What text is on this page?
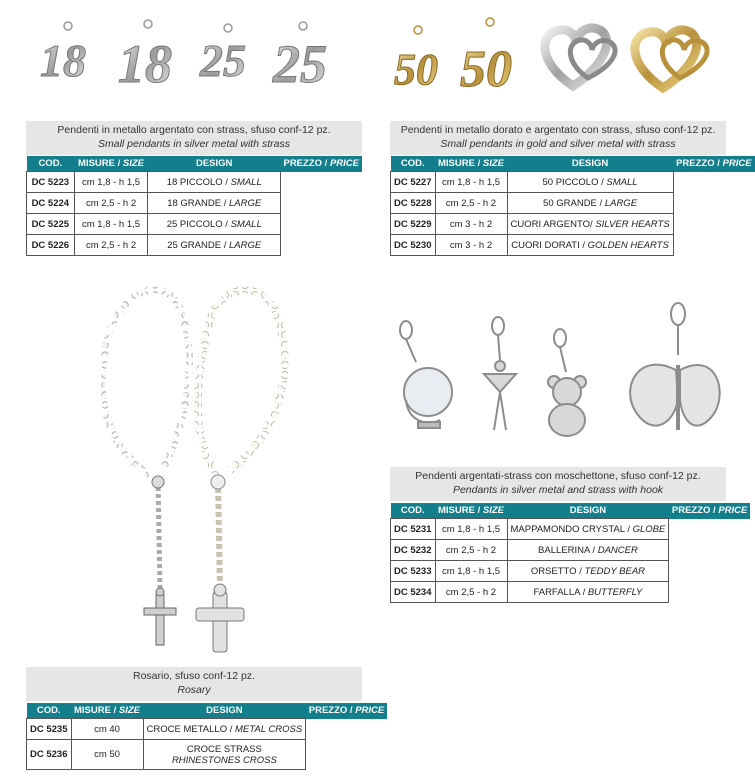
18 18 25 25 50 50
Pendenti in metallo argentato con strass, sfuso conf-12 pz.
Small pendants in silver metal with strass
COD.	MISURE / SIZE	DESIGN	PREZZO / PRICE
DC 5223	cm 1,8 - h 1,5	18 PICCOLO / SMALL	
DC 5224	cm 2,5 - h 2	18 GRANDE / LARGE	
DC 5225	cm 1,8 - h 1,5	25 PICCOLO / SMALL	
DC 5226	cm 2,5 - h 2	25 GRANDE / LARGE	
Pendenti in metallo dorato e argentato con strass, sfuso conf-12 pz.
Small pendants in gold and silver metal with strass
COD.	MISURE / SIZE	DESIGN	PREZZO / PRICE
DC 5227	cm 1,8 - h 1,5	50 PICCOLO / SMALL	
DC 5228	cm 2,5 - h 2	50 GRANDE / LARGE	
DC 5229	cm 3 - h 2	CUORI ARGENTO/ SILVER HEARTS	
DC 5230	cm 3 - h 2	CUORI DORATI / GOLDEN HEARTS	
Pendenti argentati-strass con moschettone, sfuso conf-12 pz.
Pendants in silver metal and strass with hook
COD.	MISURE / SIZE	DESIGN	PREZZO / PRICE
DC 5231	cm 1,8 - h 1,5	MAPPAMONDO CRYSTAL / GLOBE	
DC 5232	cm 2,5 - h 2	BALLERINA / DANCER	
DC 5233	cm 1,8 - h 1,5	ORSETTO / TEDDY BEAR	
DC 5234	cm 2,5 - h 2	FARFALLA / BUTTERFLY	
Rosario, sfuso conf-12 pz.
Rosary
COD.	MISURE / SIZE	DESIGN	PREZZO / PRICE
DC 5235	cm 40	CROCE METALLO / METAL CROSS	
DC 5236	cm 50	CROCE STRASS
RHINESTONES CROSS	
